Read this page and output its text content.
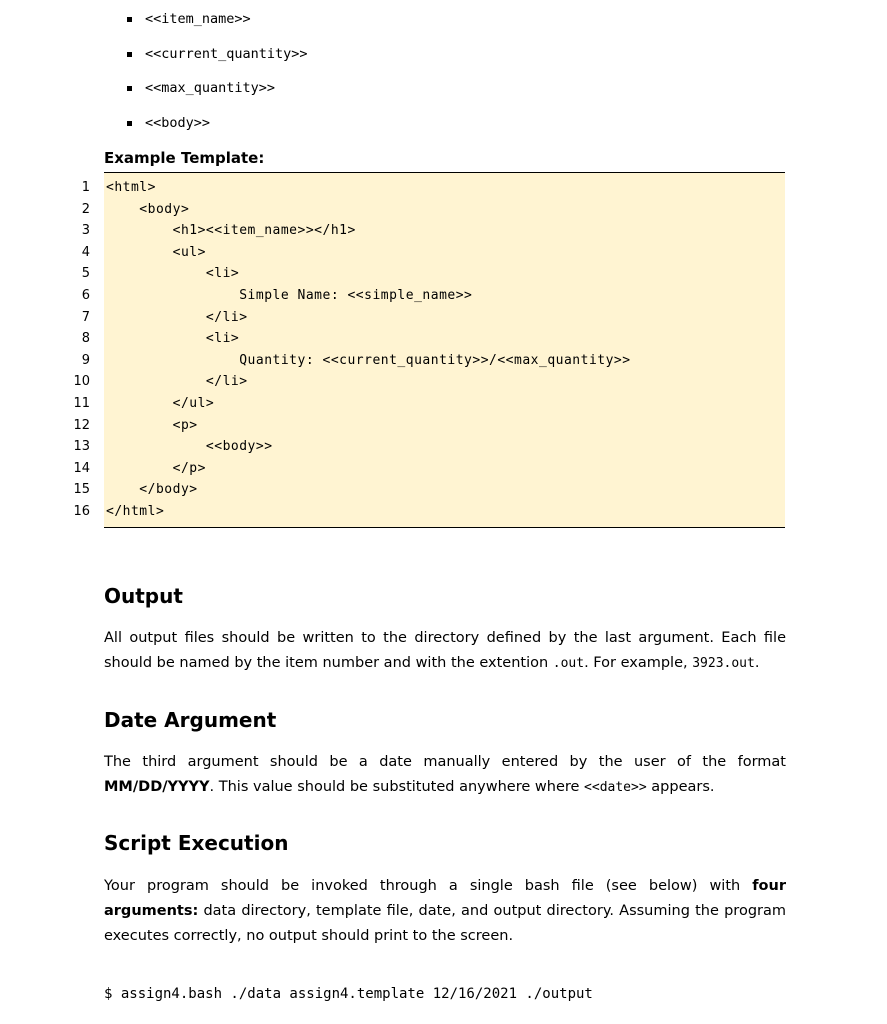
<<item_name>>
<<current_quantity>>
<<max_quantity>>
<<body>>
Example Template:
1
2
3
4
5
6
7
8
9
10
11
12
13
14
15
16
<html>
<body>
<h1><<item_name>></h1>
<ul>
<li>
Simple Name: <<simple_name>>
</li>
<li>
Quantity: <<current_quantity>>/<<max_quantity>>
</li>
</ul>
<p>
<<body>>
</p>
</body>
</html>
Output

All output files should be written to the directory defined by the last argument. Each file should be named by the item number and with the extention .out. For example, 3923.out.

Date Argument

The third argument should be a date manually entered by the user of the format MM/DD/YYYY. This value should be substituted anywhere where <<date>> appears.

Script Execution

Your program should be invoked through a single bash file (see below) with four arguments: data directory, template file, date, and output directory. Assuming the program executes correctly, no output should print to the screen.

$ assign4.bash ./data assign4.template 12/16/2021 ./output
